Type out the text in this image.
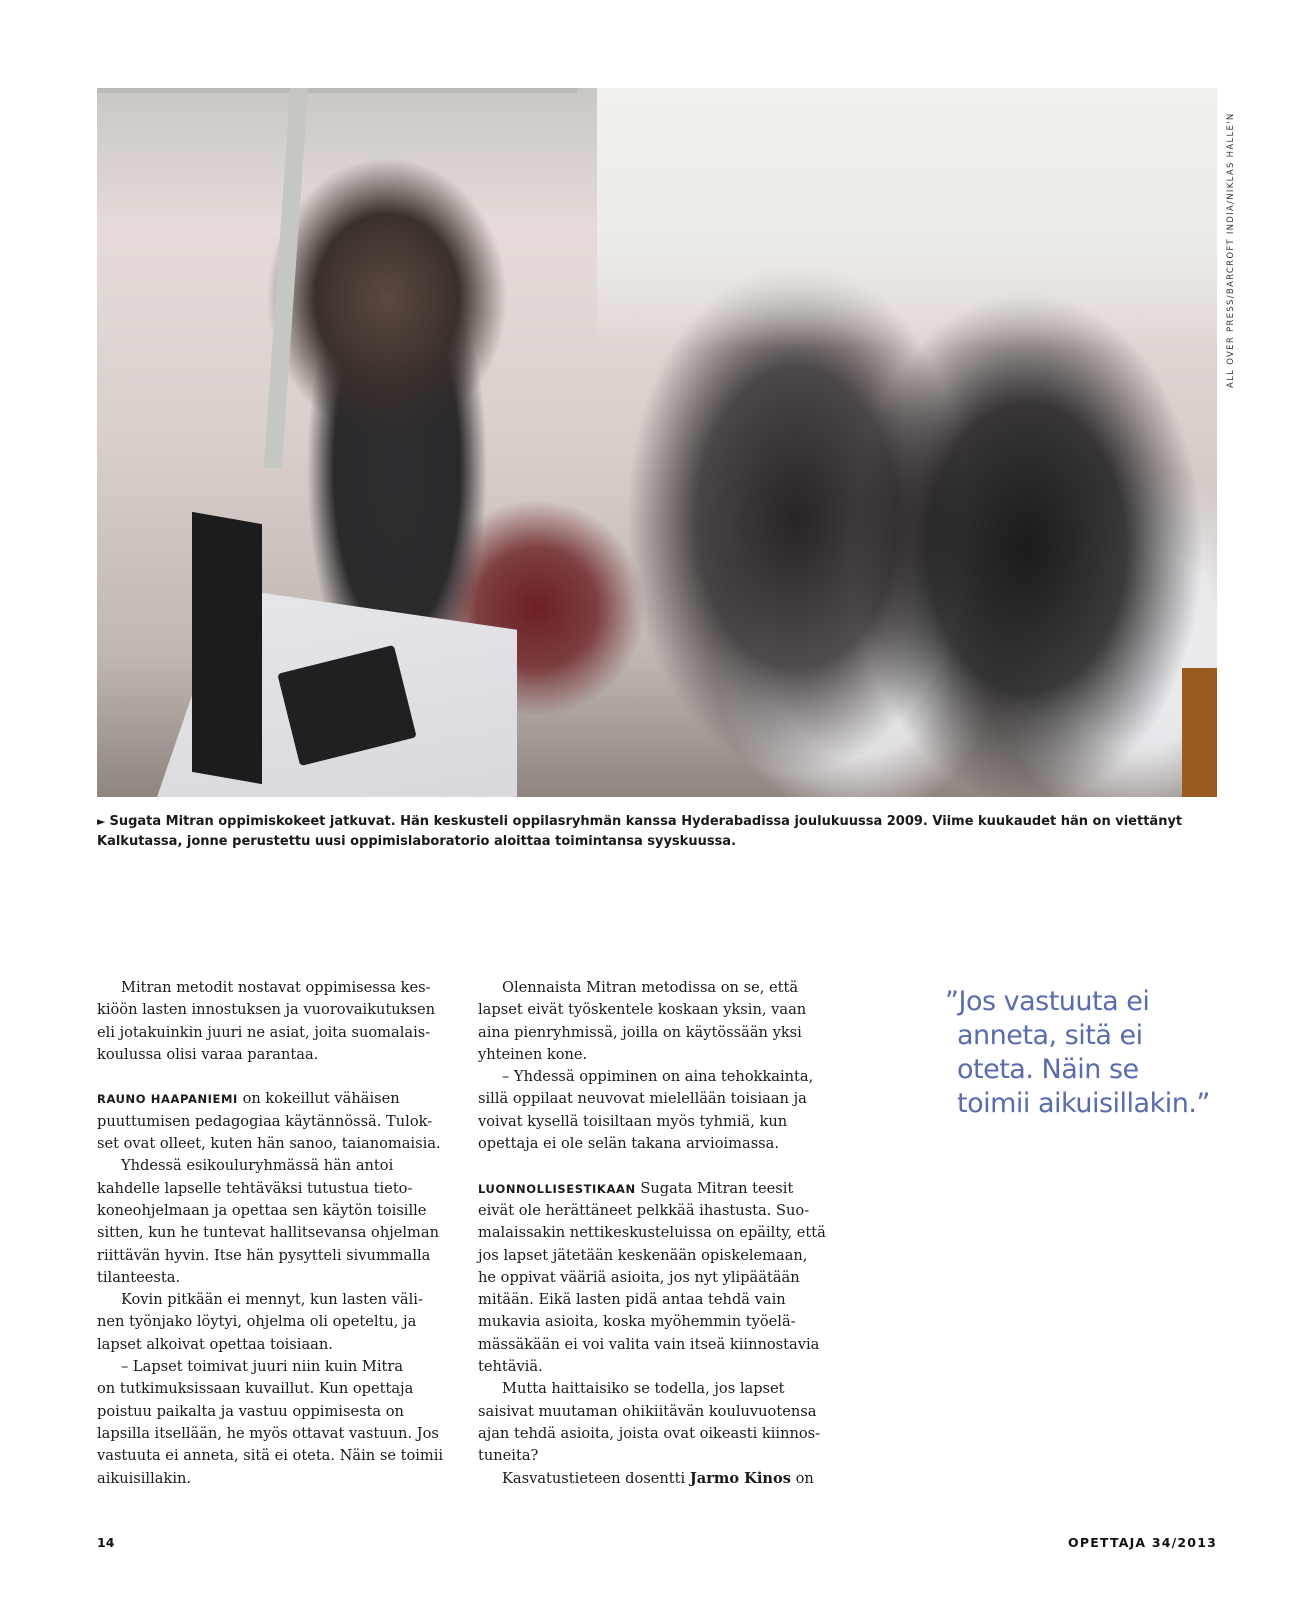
ALL OVER PRESS/BARCROFT INDIA/NIKLAS HALLE'N
► Sugata Mitran oppimiskokeet jatkuvat. Hän keskusteli oppilasryhmän kanssa Hyderabadissa joulukuussa 2009. Viime kuukaudet hän on viettänyt
Kalkutassa, jonne perustettu uusi oppimislaboratorio aloittaa toimintansa syyskuussa.

Mitran metodit nostavat oppimisessa kes-
kiöön lasten innostuksen ja vuorovaikutuksen
eli jotakuinkin juuri ne asiat, joita suomalais-
koulussa olisi varaa parantaa.

RAUNO HAAPANIEMI on kokeillut vähäisen
puuttumisen pedagogiaa käytännössä. Tulok-
set ovat olleet, kuten hän sanoo, taianomaisia.

Yhdessä esikouluryhmässä hän antoi
kahdelle lapselle tehtäväksi tutustua tieto-
koneohjelmaan ja opettaa sen käytön toisille
sitten, kun he tuntevat hallitsevansa ohjelman
riittävän hyvin. Itse hän pysytteli sivummalla
tilanteesta.

Kovin pitkään ei mennyt, kun lasten väli-
nen työnjako löytyi, ohjelma oli opeteltu, ja
lapset alkoivat opettaa toisiaan.

– Lapset toimivat juuri niin kuin Mitra
on tutkimuksissaan kuvaillut. Kun opettaja
poistuu paikalta ja vastuu oppimisesta on
lapsilla itsellään, he myös ottavat vastuun. Jos
vastuuta ei anneta, sitä ei oteta. Näin se toimii
aikuisillakin.

Olennaista Mitran metodissa on se, että
lapset eivät työskentele koskaan yksin, vaan
aina pienryhmissä, joilla on käytössään yksi
yhteinen kone.

– Yhdessä oppiminen on aina tehokkainta,
sillä oppilaat neuvovat mielellään toisiaan ja
voivat kysellä toisiltaan myös tyhmiä, kun
opettaja ei ole selän takana arvioimassa.

LUONNOLLISESTIKAAN Sugata Mitran teesit
eivät ole herättäneet pelkkää ihastusta. Suo-
malaissakin nettikeskusteluissa on epäilty, että
jos lapset jätetään keskenään opiskelemaan,
he oppivat vääriä asioita, jos nyt ylipäätään
mitään. Eikä lasten pidä antaa tehdä vain
mukavia asioita, koska myöhemmin työelä-
mässäkään ei voi valita vain itseä kiinnostavia
tehtäviä.

Mutta haittaisiko se todella, jos lapset
saisivat muutaman ohikiitävän kouluvuotensa
ajan tehdä asioita, joista ovat oikeasti kiinnos-
tuneita?

Kasvatustieteen dosentti Jarmo Kinos on

”Jos vastuuta ei
anneta, sitä ei
oteta. Näin se
toimii aikuisillakin.”
14	OPETTAJA 34/2013
